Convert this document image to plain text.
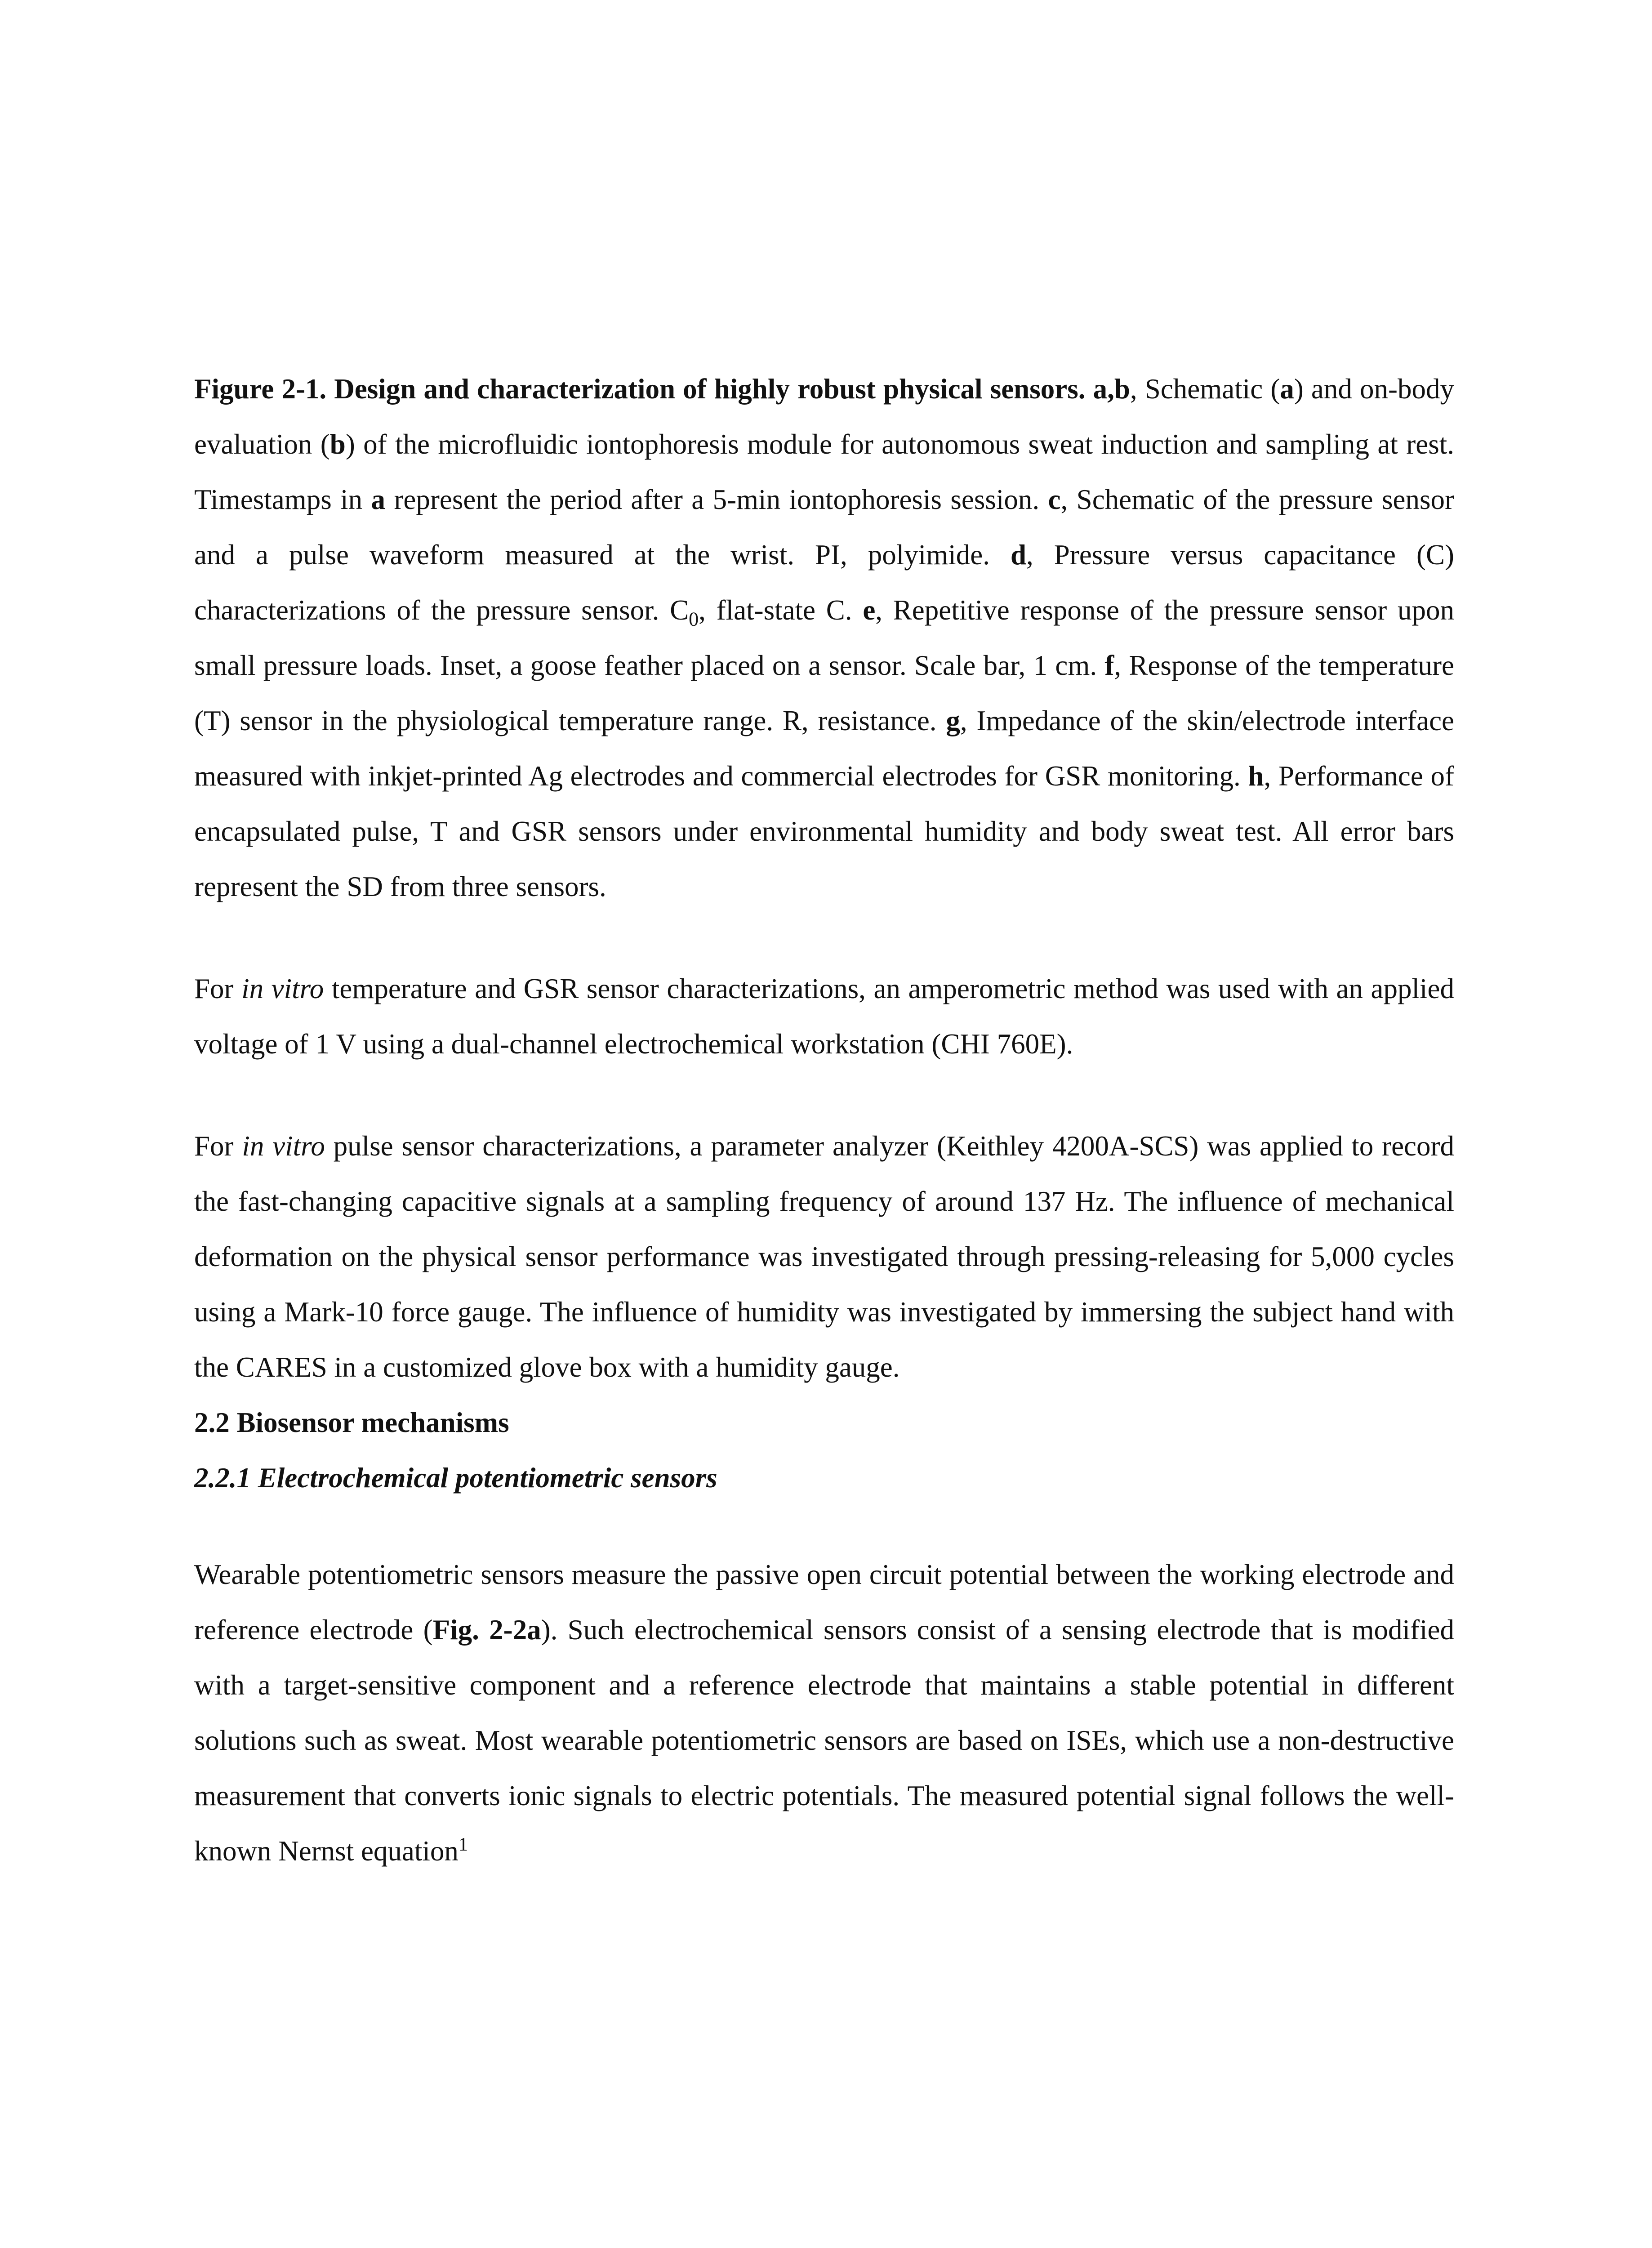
Figure 2-1. Design and characterization of highly robust physical sensors. a,b, Schematic (a) and on-body evaluation (b) of the microfluidic iontophoresis module for autonomous sweat induction and sampling at rest. Timestamps in a represent the period after a 5-min iontophoresis session. c, Schematic of the pressure sensor and a pulse waveform measured at the wrist. PI, polyimide. d, Pressure versus capacitance (C) characterizations of the pressure sensor. $C_0$, flat-state C. e, Repetitive response of the pressure sensor upon small pressure loads. Inset, a goose feather placed on a sensor. Scale bar, 1 cm. f, Response of the temperature (T) sensor in the physiological temperature range. R, resistance. g, Impedance of the skin/electrode interface measured with inkjet-printed Ag electrodes and commercial electrodes for GSR monitoring. h, Performance of encapsulated pulse, T and GSR sensors under environmental humidity and body sweat test. All error bars represent the SD from three sensors.

For in vitro temperature and GSR sensor characterizations, an amperometric method was used with an applied voltage of 1 V using a dual-channel electrochemical workstation (CHI 760E).

For in vitro pulse sensor characterizations, a parameter analyzer (Keithley 4200A-SCS) was applied to record the fast-changing capacitive signals at a sampling frequency of around 137 Hz. The influence of mechanical deformation on the physical sensor performance was investigated through pressing-releasing for 5,000 cycles using a Mark-10 force gauge. The influence of humidity was investigated by immersing the subject hand with the CARES in a customized glove box with a humidity gauge.

2.2 Biosensor mechanisms
2.2.1 Electrochemical potentiometric sensors

Wearable potentiometric sensors measure the passive open circuit potential between the working electrode and reference electrode (Fig. 2-2a). Such electrochemical sensors consist of a sensing electrode that is modified with a target-sensitive component and a reference electrode that maintains a stable potential in different solutions such as sweat. Most wearable potentiometric sensors are based on ISEs, which use a non-destructive measurement that converts ionic signals to electric potentials. The measured potential signal follows the well-known Nernst equation$^1$
